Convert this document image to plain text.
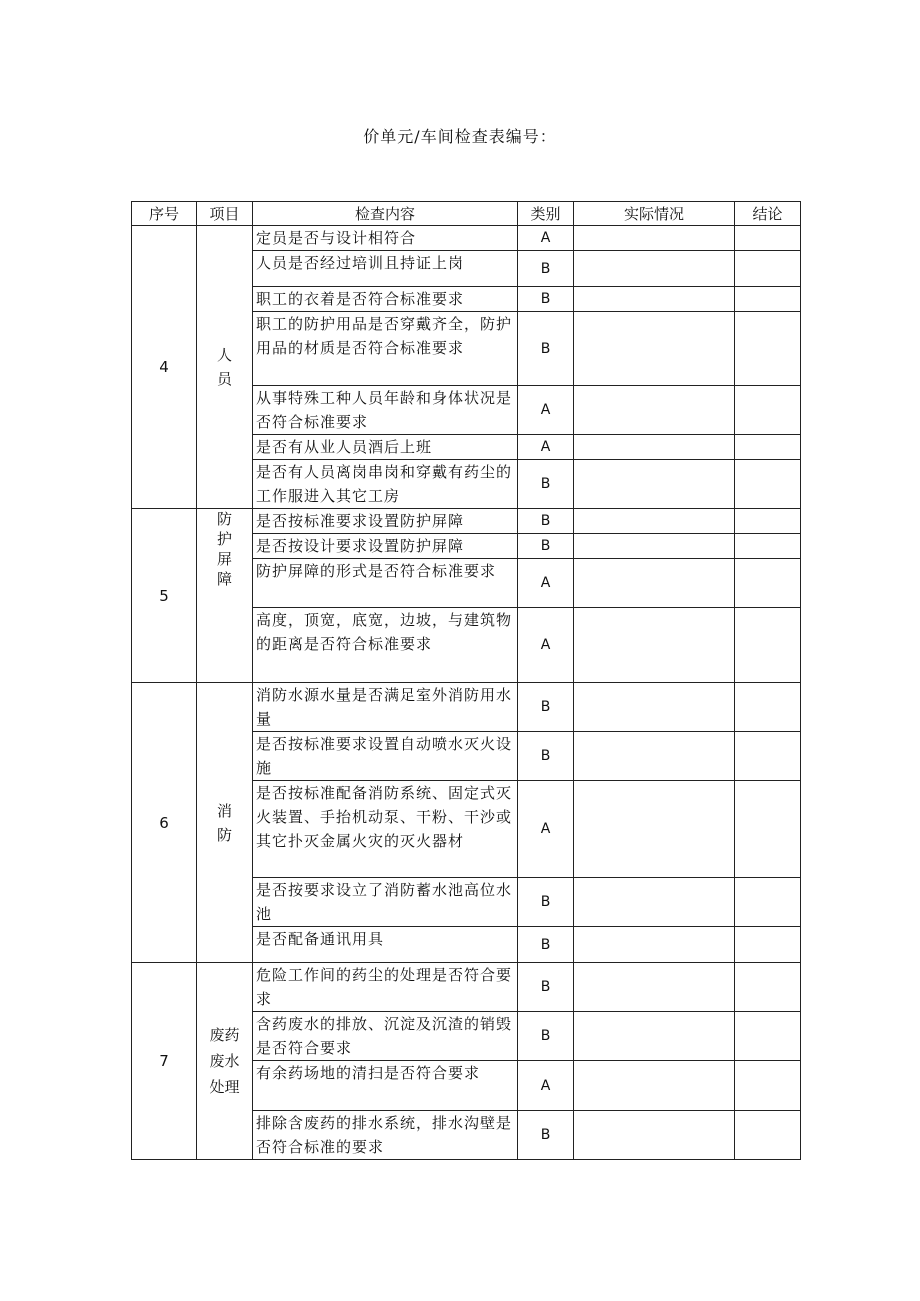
价单元/车间检查表编号：
序号	项目	检查内容	类别	实际情况	结论
4	人员	定员是否与设计相符合	A		
		人员是否经过培训且持证上岗	B		
		职工的衣着是否符合标准要求	B		
		职工的防护用品是否穿戴齐全，防护用品的材质是否符合标准要求	B		
		从事特殊工种人员年龄和身体状况是否符合标准要求	A		
		是否有从业人员酒后上班	A		
		是否有人员离岗串岗和穿戴有药尘的工作服进入其它工房	B		
5	防护屏障	是否按标准要求设置防护屏障	B		
		是否按设计要求设置防护屏障	B		
		防护屏障的形式是否符合标准要求	A		
		高度，顶宽，底宽，边坡，与建筑物的距离是否符合标准要求	A		
6	消防	消防水源水量是否满足室外消防用水量	B		
		是否按标准要求设置自动喷水灭火设施	B		
		是否按标准配备消防系统、固定式灭火装置、手抬机动泵、干粉、干沙或其它扑灭金属火灾的灭火器材	A		
		是否按要求设立了消防蓄水池高位水池	B		
		是否配备通讯用具	B		
7	废药废水处理	危险工作间的药尘的处理是否符合要求	B		
		含药废水的排放、沉淀及沉渣的销毁是否符合要求	B		
		有余药场地的清扫是否符合要求	A		
		排除含废药的排水系统，排水沟壁是否符合标准的要求	B		
